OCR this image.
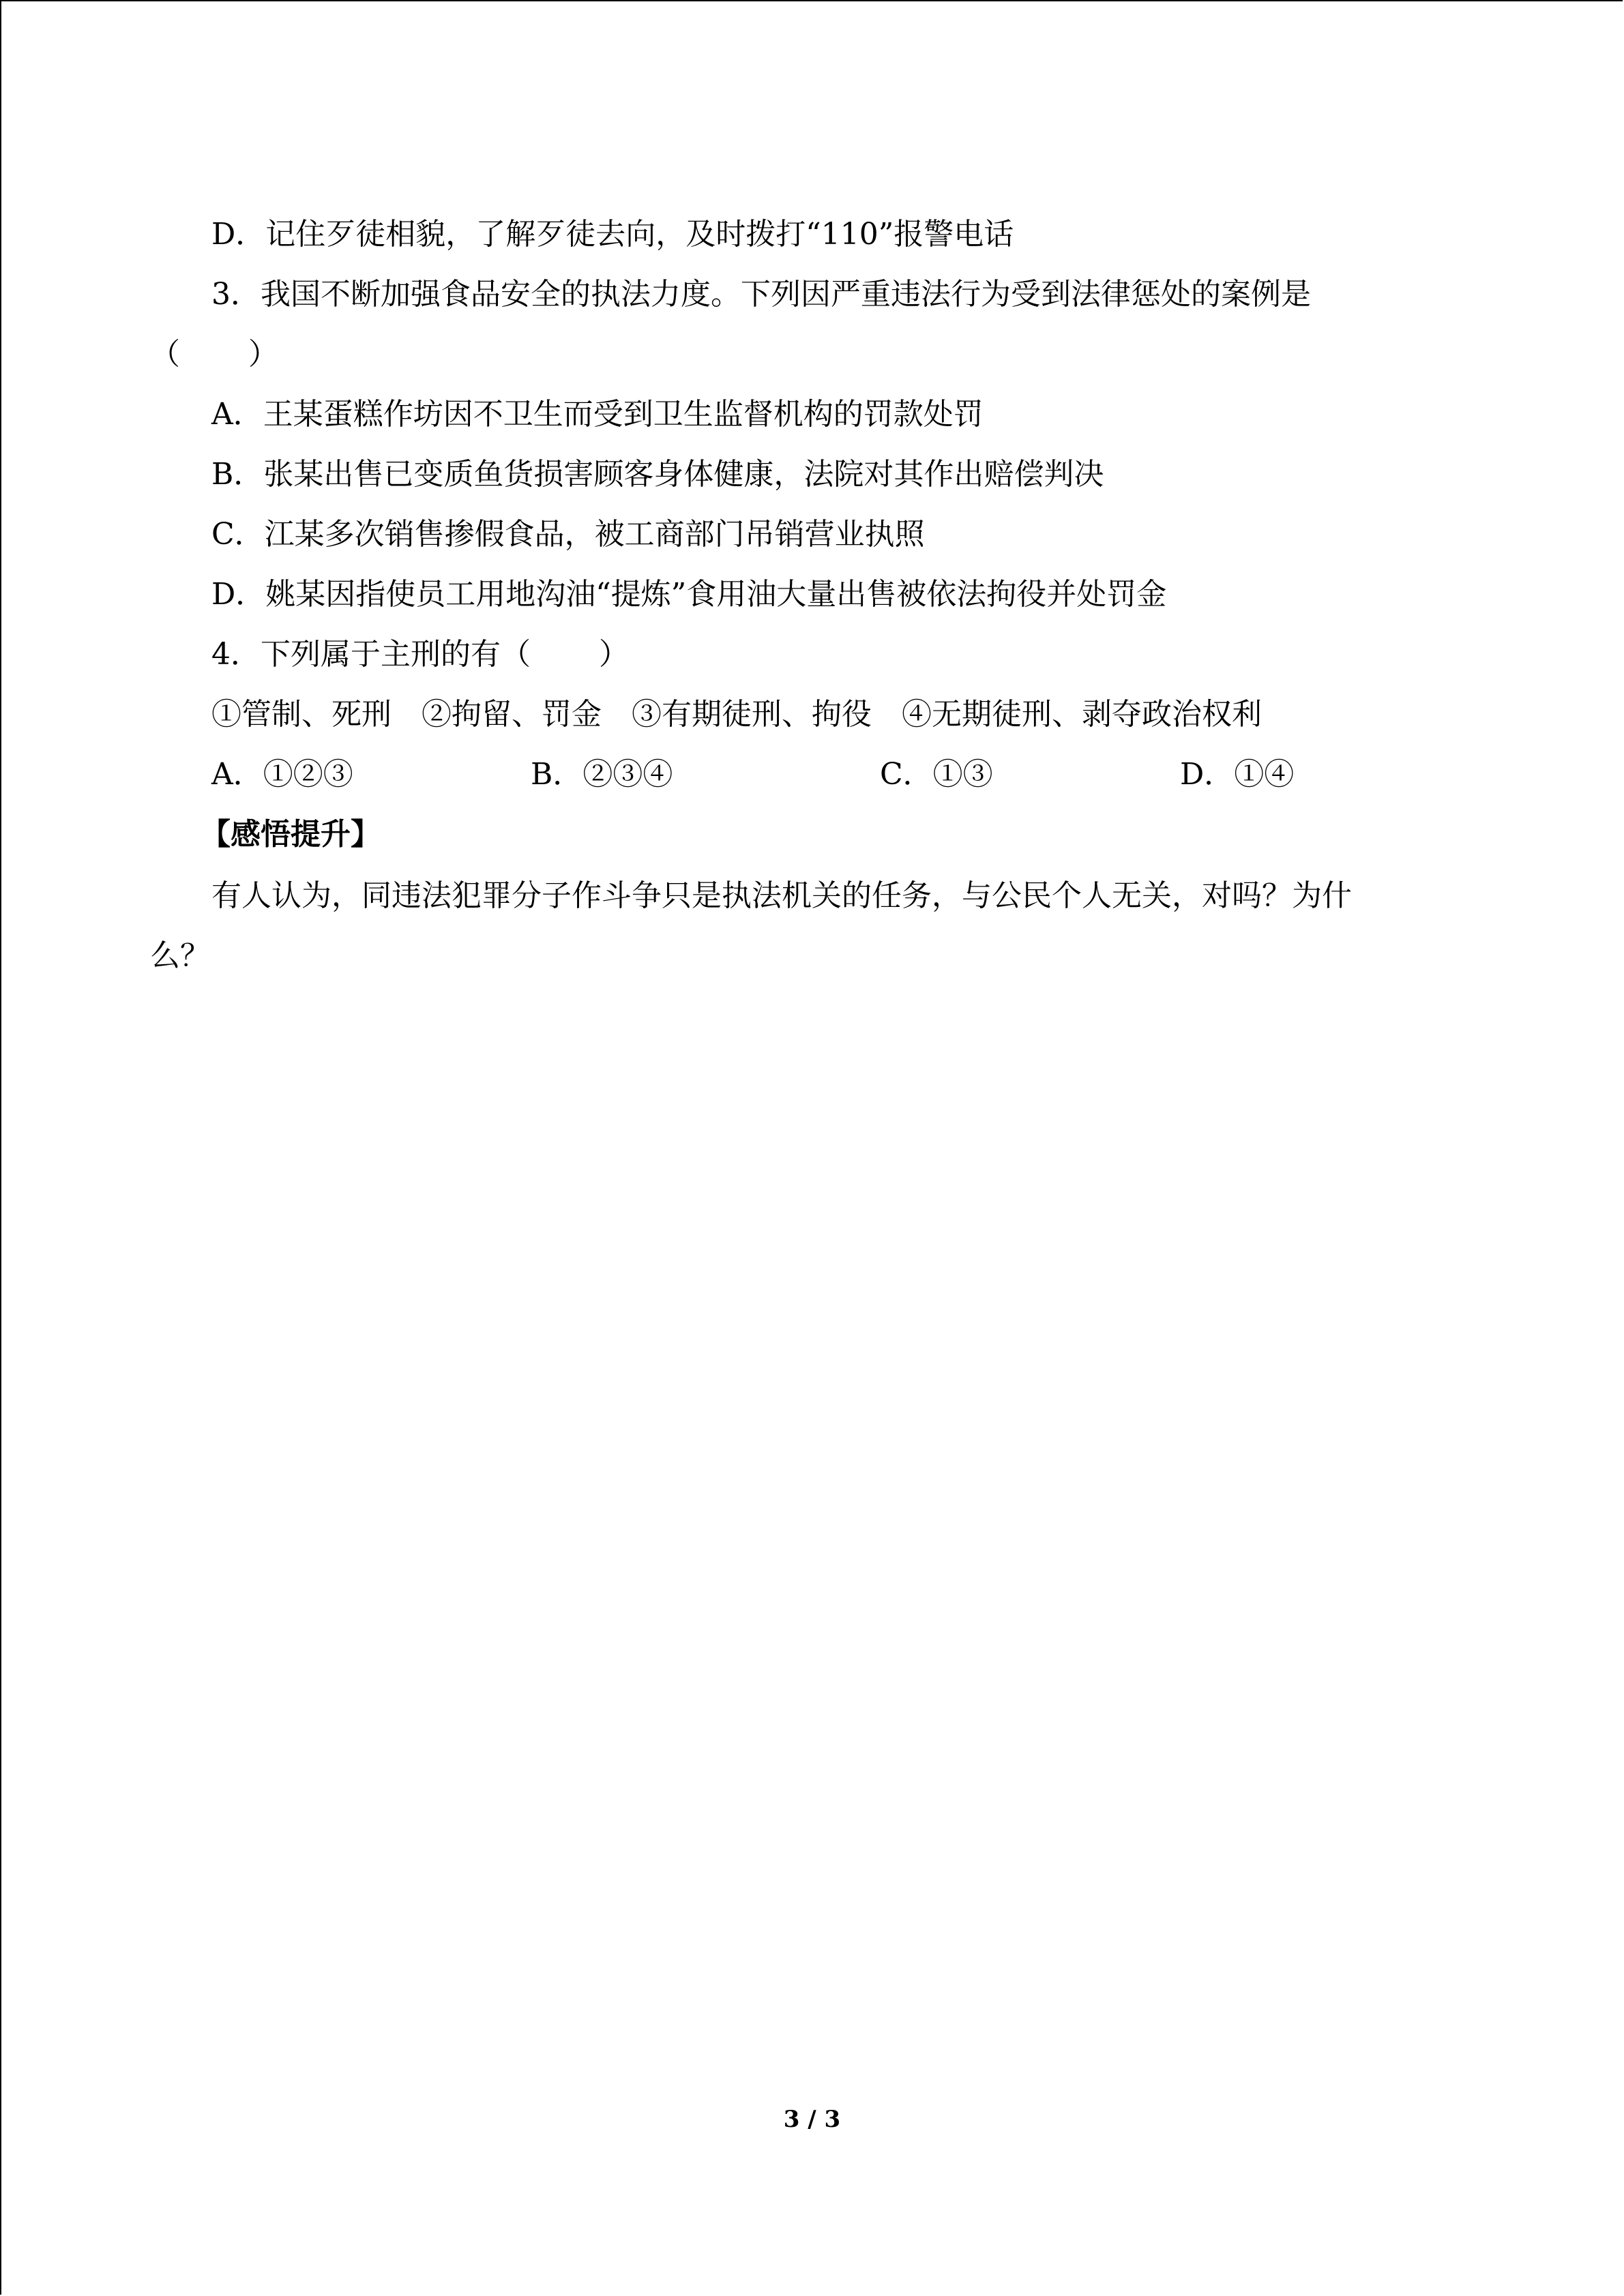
D．记住歹徒相貌，了解歹徒去向，及时拨打“110”报警电话
3．我国不断加强食品安全的执法力度。下列因严重违法行为受到法律惩处的案例是
（ ）
A．王某蛋糕作坊因不卫生而受到卫生监督机构的罚款处罚
B．张某出售已变质鱼货损害顾客身体健康，法院对其作出赔偿判决
C．江某多次销售掺假食品，被工商部门吊销营业执照
D．姚某因指使员工用地沟油“提炼”食用油大量出售被依法拘役并处罚金
4．下列属于主刑的有（ ）
①管制、死刑　②拘留、罚金　③有期徒刑、拘役　④无期徒刑、剥夺政治权利
A．①②③	B．②③④	C．①③	D．①④
【感悟提升】
有人认为，同违法犯罪分子作斗争只是执法机关的任务，与公民个人无关，对吗？为什
么？
3 / 3
